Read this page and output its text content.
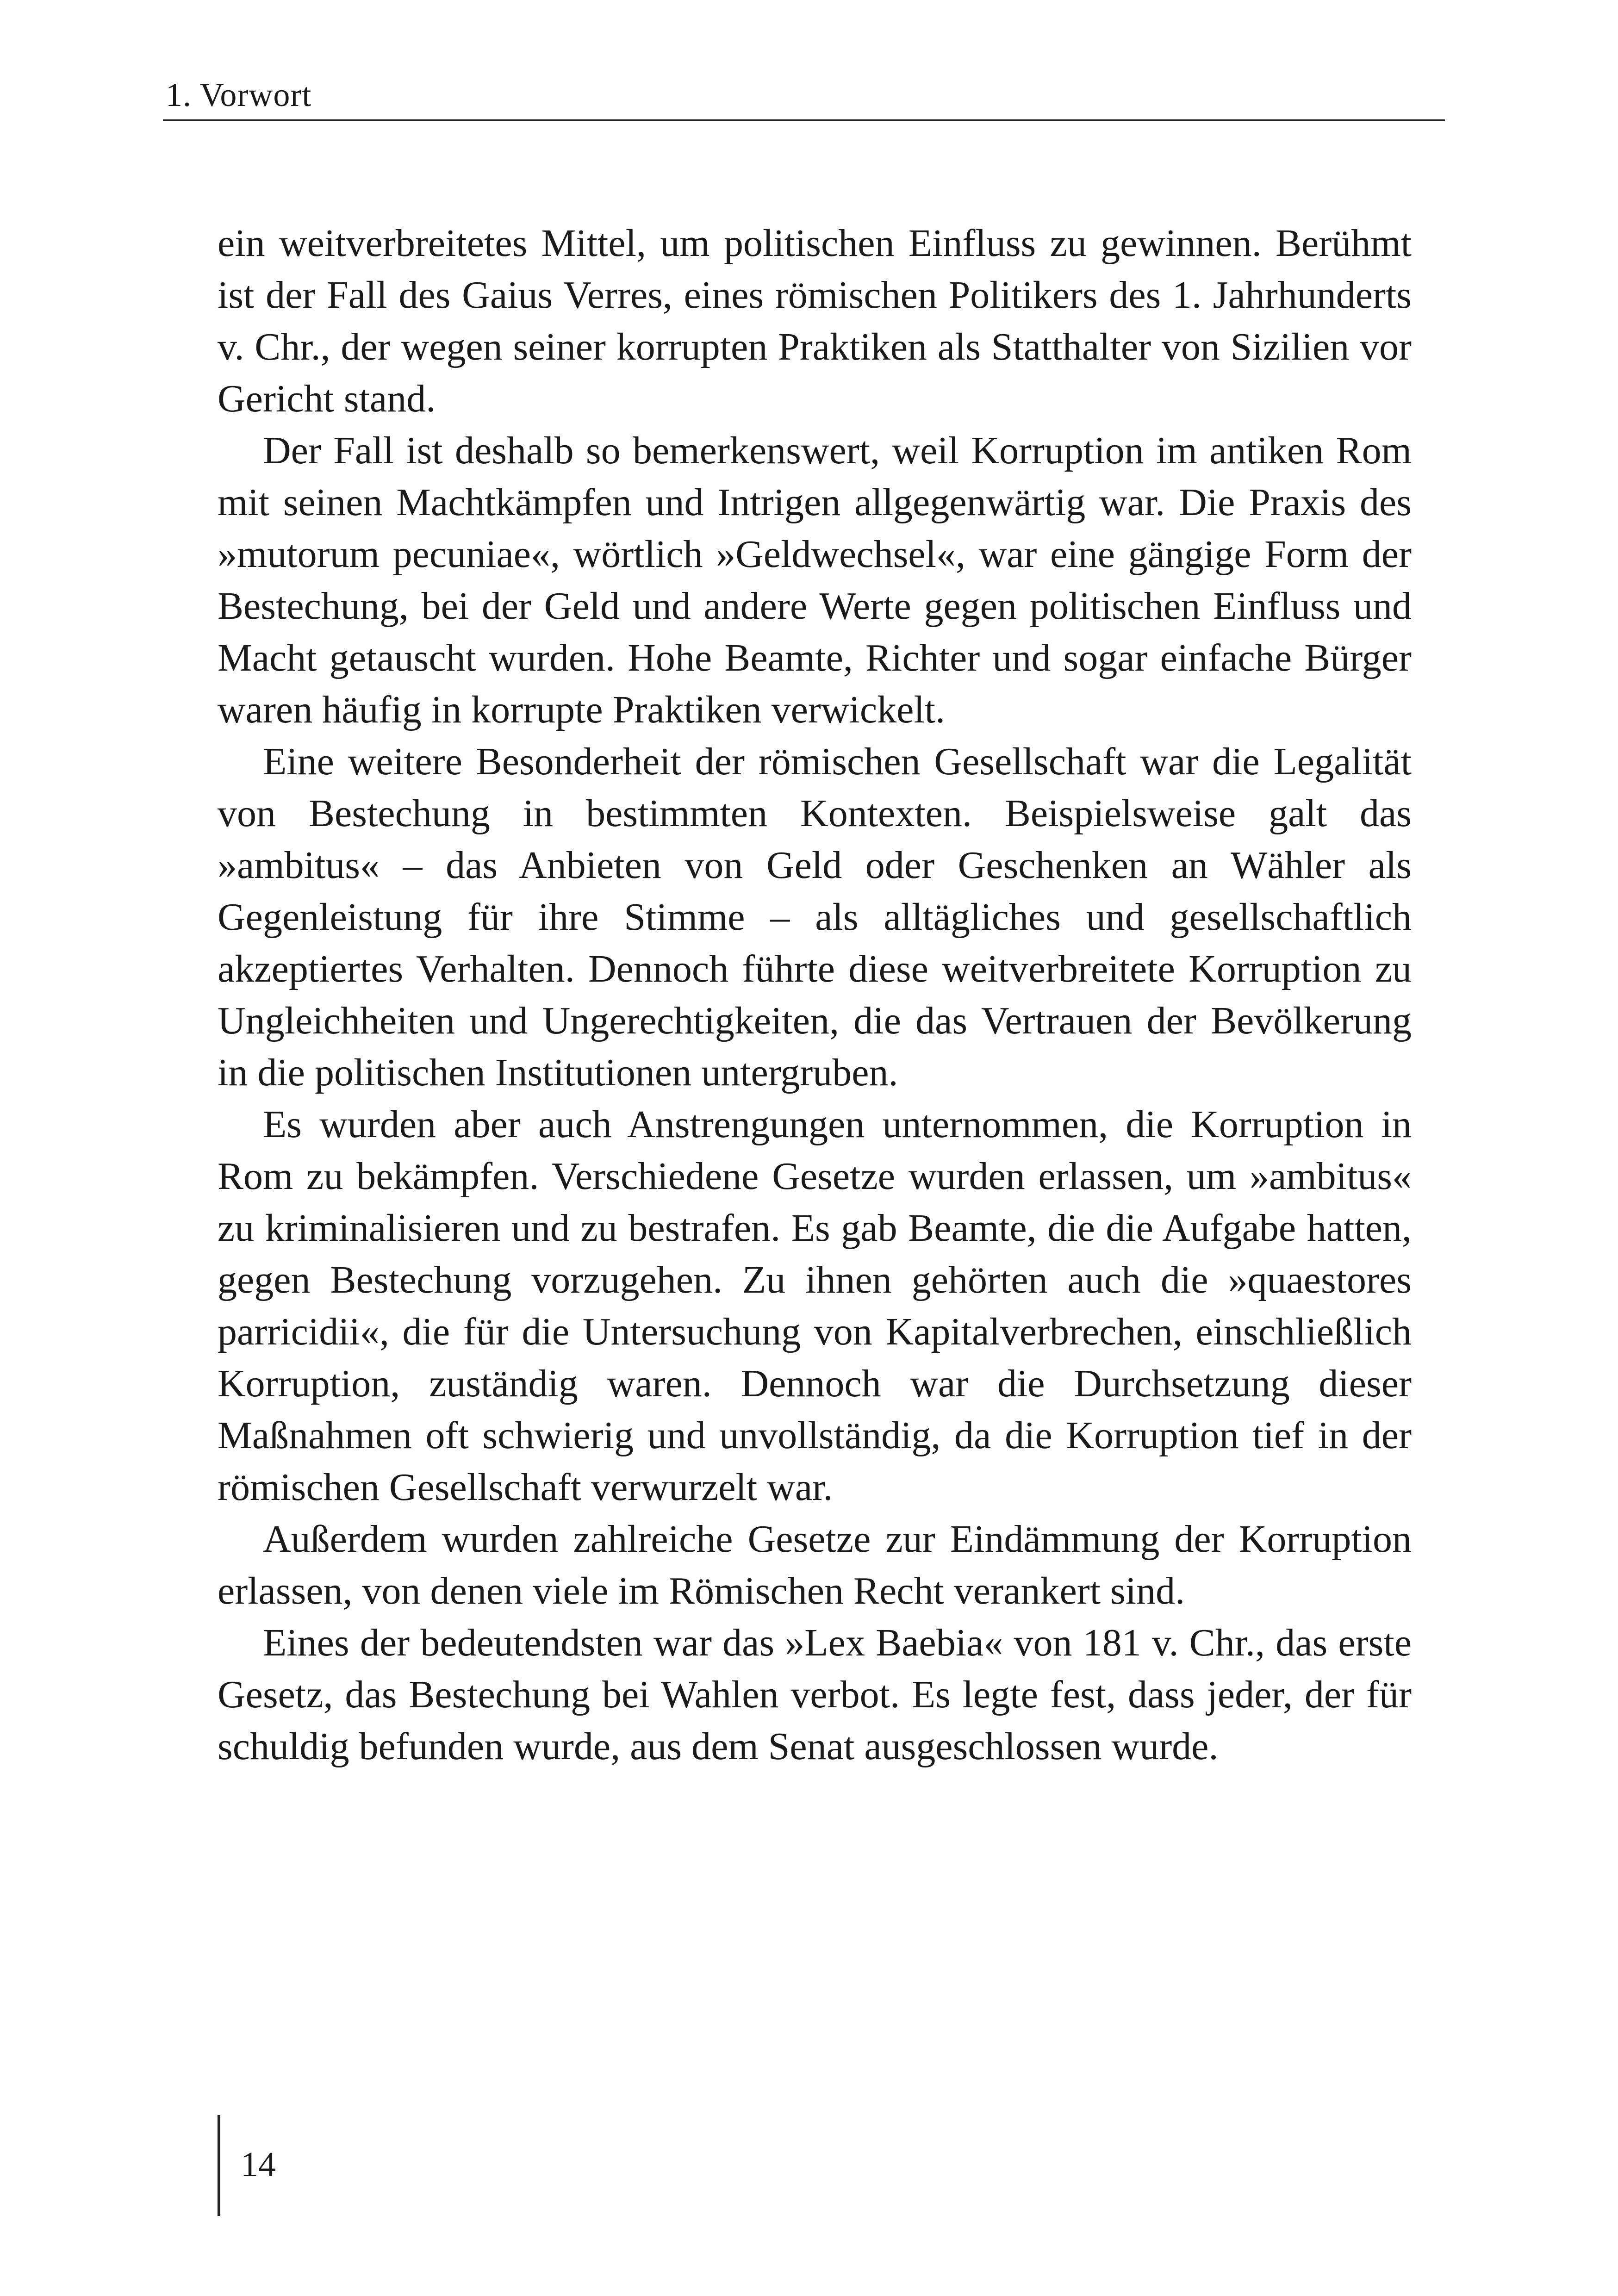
1. Vorwort

ein weitverbreitetes Mittel, um politischen Einfluss zu gewinnen. Berühmt ist der Fall des Gaius Verres, eines römischen Politikers des 1. Jahrhunderts v. Chr., der wegen seiner korrupten Praktiken als Statthalter von Sizilien vor Gericht stand.

Der Fall ist deshalb so bemerkenswert, weil Korruption im antiken Rom mit seinen Machtkämpfen und Intrigen allgegenwärtig war. Die Praxis des »mutorum pecuniae«, wörtlich »Geldwechsel«, war eine gängige Form der Bestechung, bei der Geld und andere Werte gegen politischen Einfluss und Macht getauscht wurden. Hohe Beamte, Richter und sogar einfache Bürger waren häufig in korrupte Praktiken verwickelt.

Eine weitere Besonderheit der römischen Gesellschaft war die Legalität von Bestechung in bestimmten Kontexten. Beispielsweise galt das »ambitus« – das Anbieten von Geld oder Geschenken an Wähler als Gegenleistung für ihre Stimme – als alltägliches und gesellschaftlich akzeptiertes Verhalten. Dennoch führte diese weitverbreitete Korruption zu Ungleichheiten und Ungerechtigkeiten, die das Vertrauen der Bevölkerung in die politischen Institutionen untergruben.

Es wurden aber auch Anstrengungen unternommen, die Korruption in Rom zu bekämpfen. Verschiedene Gesetze wurden erlassen, um »ambitus« zu kriminalisieren und zu bestrafen. Es gab Beamte, die die Aufgabe hatten, gegen Bestechung vorzugehen. Zu ihnen gehörten auch die »quaestores parricidii«, die für die Untersuchung von Kapitalverbrechen, einschließlich Korruption, zuständig waren. Dennoch war die Durchsetzung dieser Maßnahmen oft schwierig und unvollständig, da die Korruption tief in der römischen Gesellschaft verwurzelt war.

Außerdem wurden zahlreiche Gesetze zur Eindämmung der Korruption erlassen, von denen viele im Römischen Recht verankert sind.

Eines der bedeutendsten war das »Lex Baebia« von 181 v. Chr., das erste Gesetz, das Bestechung bei Wahlen verbot. Es legte fest, dass jeder, der für schuldig befunden wurde, aus dem Senat ausgeschlossen wurde.

14
